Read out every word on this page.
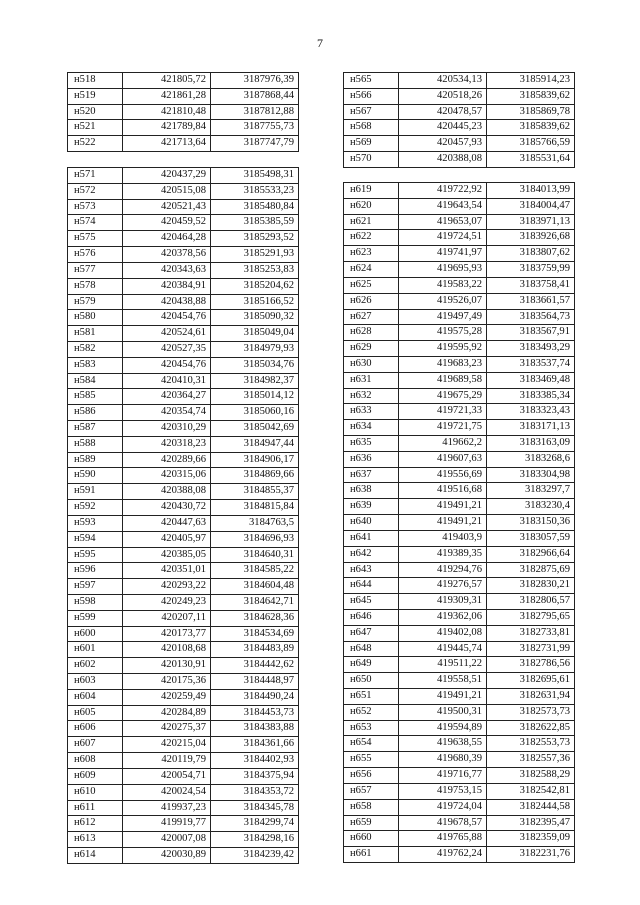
7
н518	421805,72	3187976,39
н519	421861,28	3187868,44
н520	421810,48	3187812,88
н521	421789,84	3187755,73
н522	421713,64	3187747,79
н571	420437,29	3185498,31
н572	420515,08	3185533,23
н573	420521,43	3185480,84
н574	420459,52	3185385,59
н575	420464,28	3185293,52
н576	420378,56	3185291,93
н577	420343,63	3185253,83
н578	420384,91	3185204,62
н579	420438,88	3185166,52
н580	420454,76	3185090,32
н581	420524,61	3185049,04
н582	420527,35	3184979,93
н583	420454,76	3185034,76
н584	420410,31	3184982,37
н585	420364,27	3185014,12
н586	420354,74	3185060,16
н587	420310,29	3185042,69
н588	420318,23	3184947,44
н589	420289,66	3184906,17
н590	420315,06	3184869,66
н591	420388,08	3184855,37
н592	420430,72	3184815,84
н593	420447,63	3184763,5
н594	420405,97	3184696,93
н595	420385,05	3184640,31
н596	420351,01	3184585,22
н597	420293,22	3184604,48
н598	420249,23	3184642,71
н599	420207,11	3184628,36
н600	420173,77	3184534,69
н601	420108,68	3184483,89
н602	420130,91	3184442,62
н603	420175,36	3184448,97
н604	420259,49	3184490,24
н605	420284,89	3184453,73
н606	420275,37	3184383,88
н607	420215,04	3184361,66
н608	420119,79	3184402,93
н609	420054,71	3184375,94
н610	420024,54	3184353,72
н611	419937,23	3184345,78
н612	419919,77	3184299,74
н613	420007,08	3184298,16
н614	420030,89	3184239,42
н565	420534,13	3185914,23
н566	420518,26	3185839,62
н567	420478,57	3185869,78
н568	420445,23	3185839,62
н569	420457,93	3185766,59
н570	420388,08	3185531,64
н619	419722,92	3184013,99
н620	419643,54	3184004,47
н621	419653,07	3183971,13
н622	419724,51	3183926,68
н623	419741,97	3183807,62
н624	419695,93	3183759,99
н625	419583,22	3183758,41
н626	419526,07	3183661,57
н627	419497,49	3183564,73
н628	419575,28	3183567,91
н629	419595,92	3183493,29
н630	419683,23	3183537,74
н631	419689,58	3183469,48
н632	419675,29	3183385,34
н633	419721,33	3183323,43
н634	419721,75	3183171,13
н635	419662,2	3183163,09
н636	419607,63	3183268,6
н637	419556,69	3183304,98
н638	419516,68	3183297,7
н639	419491,21	3183230,4
н640	419491,21	3183150,36
н641	419403,9	3183057,59
н642	419389,35	3182966,64
н643	419294,76	3182875,69
н644	419276,57	3182830,21
н645	419309,31	3182806,57
н646	419362,06	3182795,65
н647	419402,08	3182733,81
н648	419445,74	3182731,99
н649	419511,22	3182786,56
н650	419558,51	3182695,61
н651	419491,21	3182631,94
н652	419500,31	3182573,73
н653	419594,89	3182622,85
н654	419638,55	3182553,73
н655	419680,39	3182557,36
н656	419716,77	3182588,29
н657	419753,15	3182542,81
н658	419724,04	3182444,58
н659	419678,57	3182395,47
н660	419765,88	3182359,09
н661	419762,24	3182231,76
